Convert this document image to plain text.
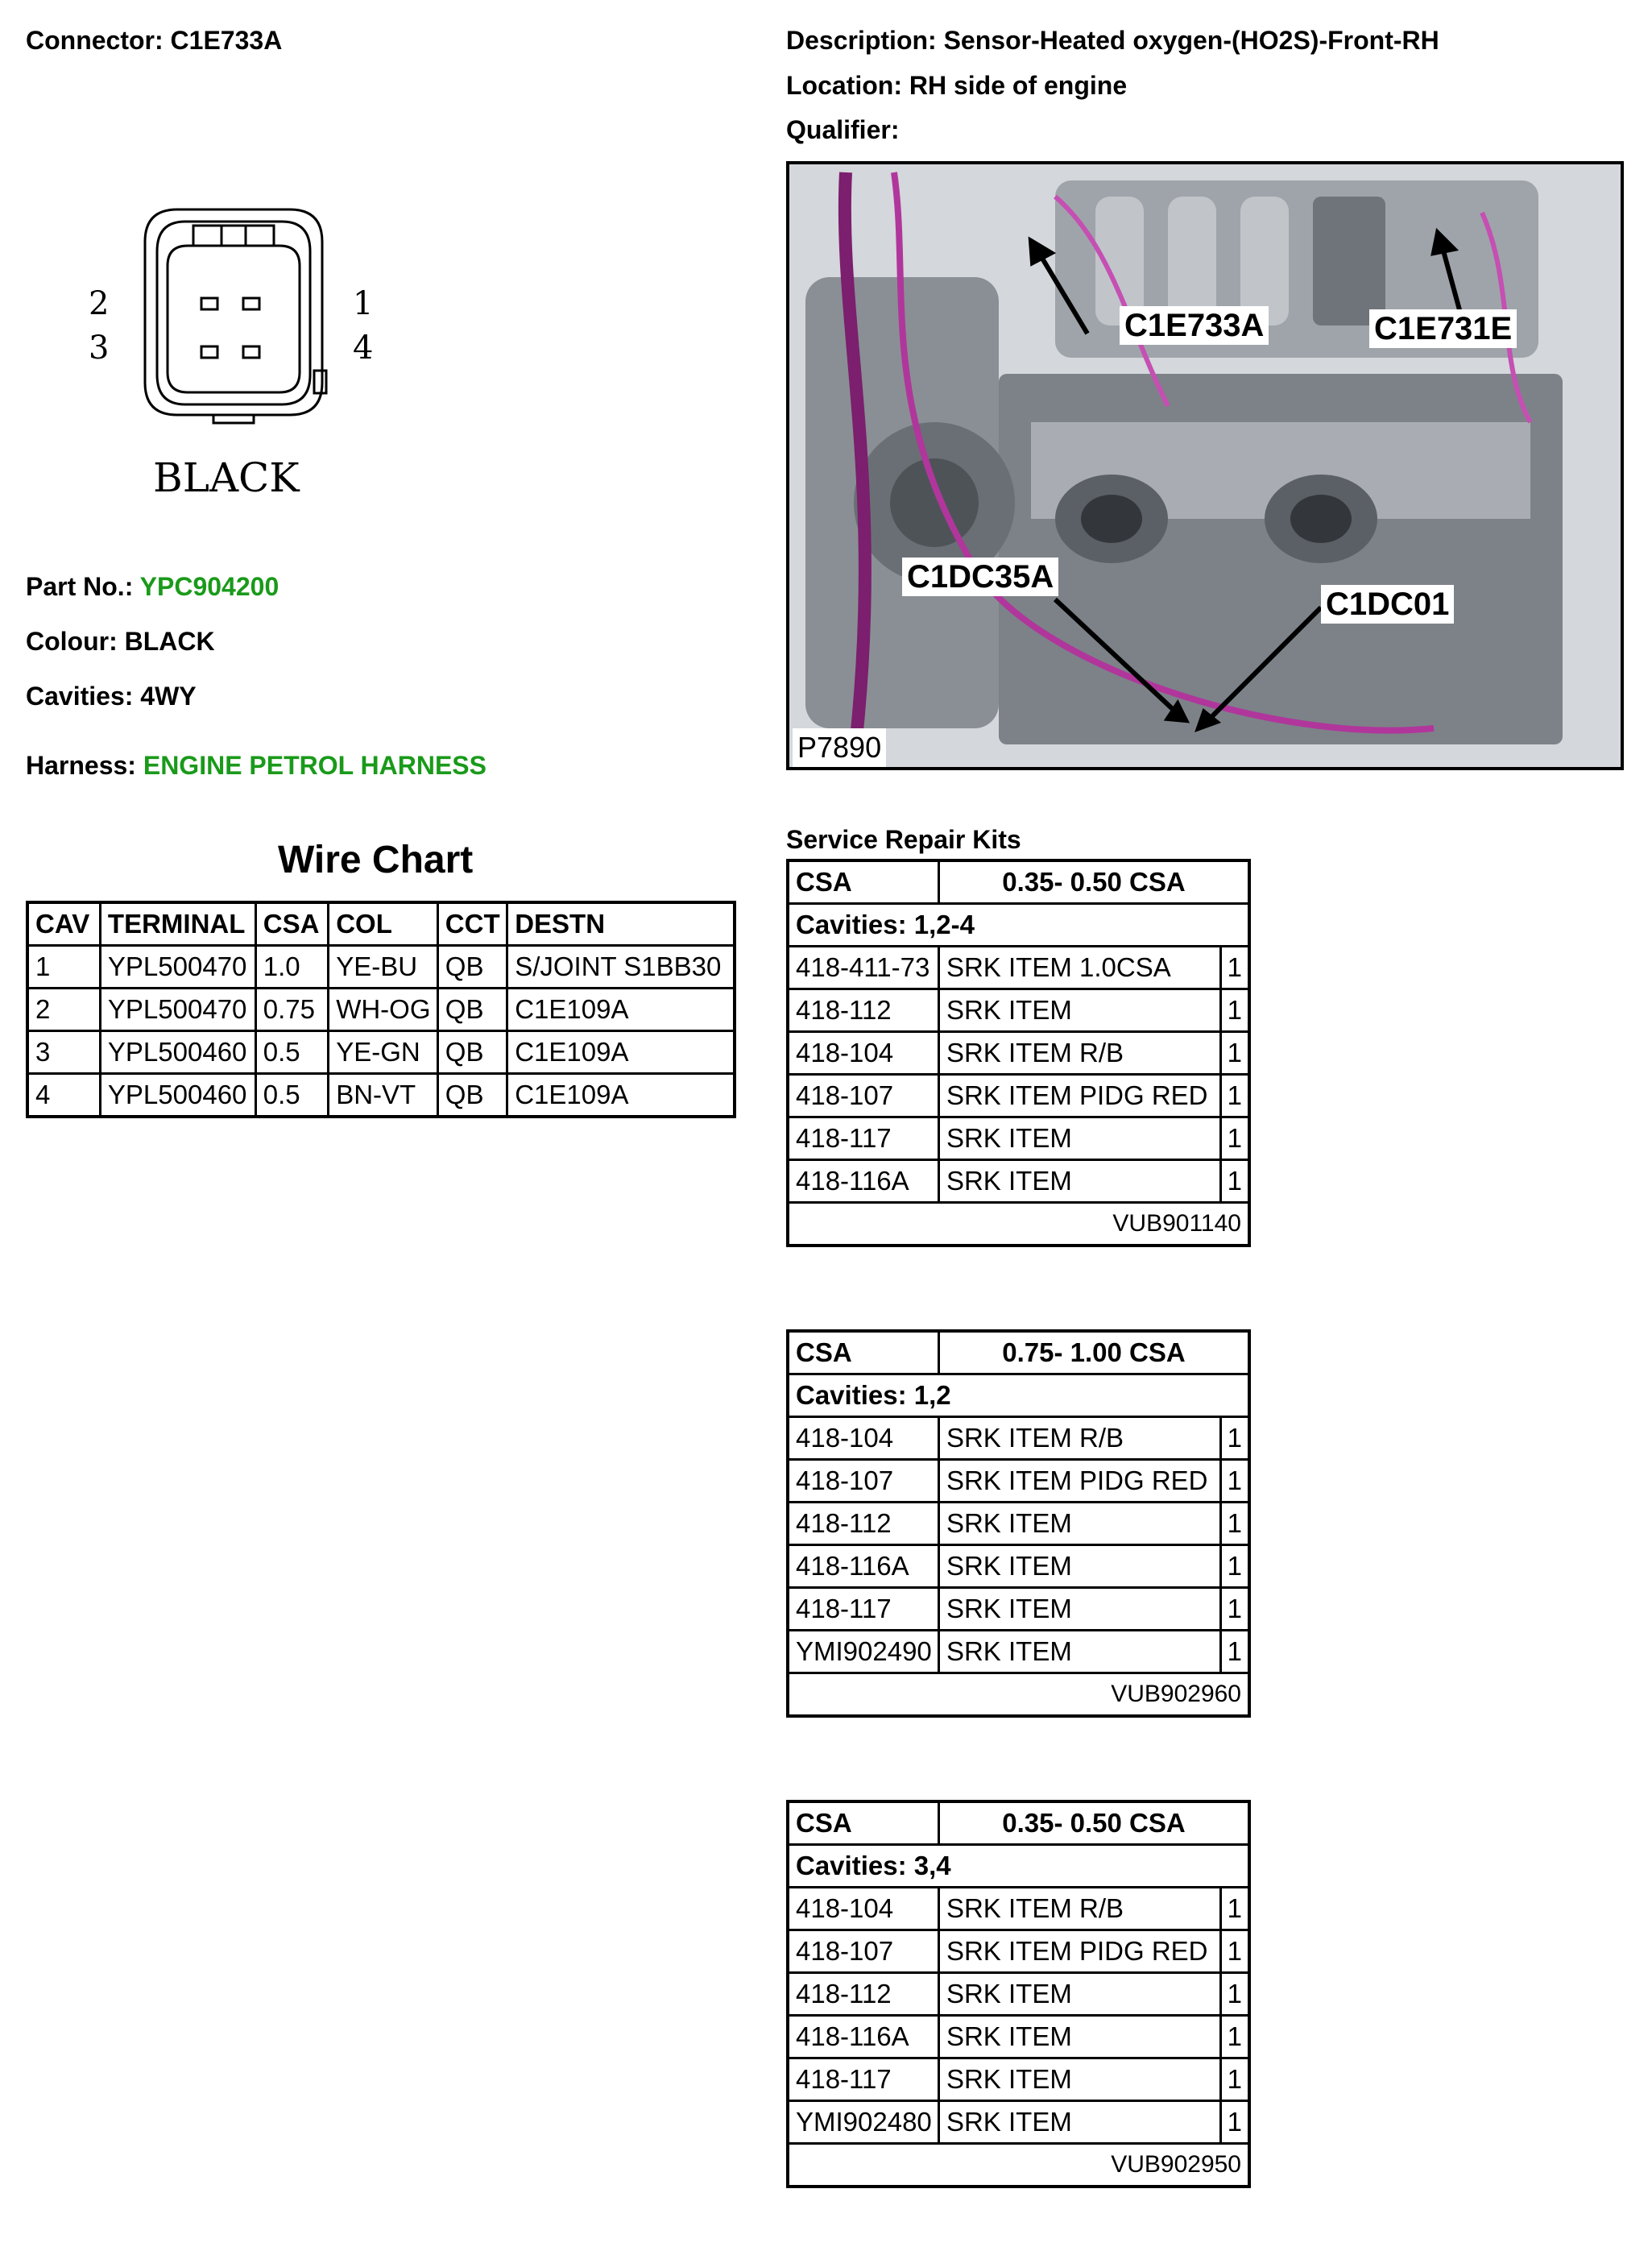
Connector: C1E733A	Description: Sensor-Heated oxygen-(HO2S)-Front-RH
Location: RH side of engine
Qualifier:
1
2
3	4
BLACK
Part No.: YPC904200
Colour: BLACK
Cavities: 4WY
Harness: ENGINE PETROL HARNESS
C1E733A	C1E731E
C1DC35A
C1DC01
P7890
Wire Chart
CAV	TERMINAL	CSA	COL	CCT	DESTN
1	YPL500470	1.0	YE-BU	QB	S/JOINT S1BB30
2	YPL500470	0.75	WH-OG	QB	C1E109A
3	YPL500460	0.5	YE-GN	QB	C1E109A
4	YPL500460	0.5	BN-VT	QB	C1E109A
Service Repair Kits
CSA	0.35- 0.50 CSA	
Cavities: 1,2-4		
418-411-73	SRK ITEM 1.0CSA	1
418-112	SRK ITEM	1
418-104	SRK ITEM R/B	1
418-107	SRK ITEM PIDG RED	1
418-117	SRK ITEM	1
418-116A	SRK ITEM	1
VUB901140		
CSA	0.75- 1.00 CSA	
Cavities: 1,2		
418-104	SRK ITEM R/B	1
418-107	SRK ITEM PIDG RED	1
418-112	SRK ITEM	1
418-116A	SRK ITEM	1
418-117	SRK ITEM	1
YMI902490	SRK ITEM	1
VUB902960		
CSA	0.35- 0.50 CSA	
Cavities: 3,4		
418-104	SRK ITEM R/B	1
418-107	SRK ITEM PIDG RED	1
418-112	SRK ITEM	1
418-116A	SRK ITEM	1
418-117	SRK ITEM	1
YMI902480	SRK ITEM	1
VUB902950		
